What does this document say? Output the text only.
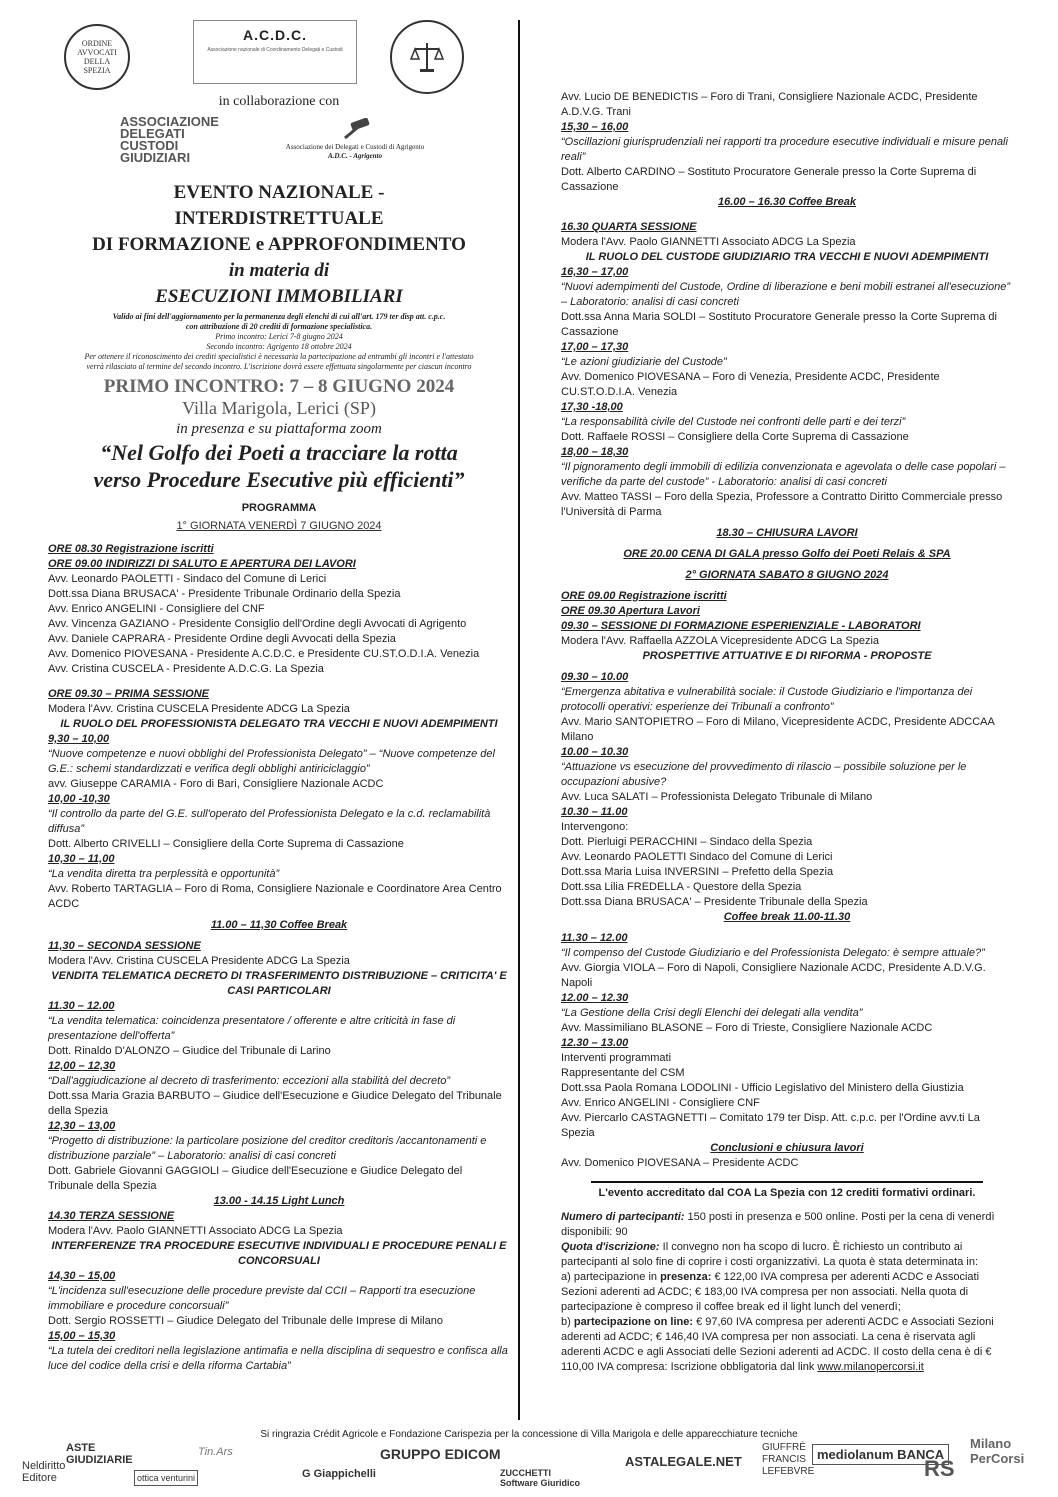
ORDINE AVVOCATI DELLA SPEZIA
A.C.D.C.
Associazione nazionale di Coordinamento Delegati e Custodi
in collaborazione con
ASSOCIAZIONE DELEGATI CUSTODI GIUDIZIARI
Associazione dei Delegati e Custodi di Agrigento
A.D.C. - Agrigento
EVENTO NAZIONALE -
INTERDISTRETTUALE
DI FORMAZIONE e APPROFONDIMENTO
in materia di
ESECUZIONI IMMOBILIARI
Valido ai fini dell'aggiornamento per la permanenza degli elenchi di cui all'art. 179 ter disp att. c.p.c.
con attribuzione di 20 crediti di formazione specialistica.
Primo incontro: Lerici 7-8 giugno 2024
Secondo incontro: Agrigento 18 ottobre 2024
Per ottenere il riconoscimento dei crediti specialistici è necessaria la partecipazione ad entrambi gli incontri e l'attestato
verrà rilasciato al termine del secondo incontro. L'iscrizione dovrà essere effettuata singolarmente per ciascun incontro
PRIMO INCONTRO: 7 – 8 GIUGNO 2024
Villa Marigola, Lerici (SP)
in presenza e su piattaforma zoom
“Nel Golfo dei Poeti a tracciare la rotta
verso Procedure Esecutive più efficienti”
PROGRAMMA
1° GIORNATA VENERDÌ 7 GIUGNO 2024

ORE 08.30 Registrazione iscritti

ORE 09.00 INDIRIZZI DI SALUTO E APERTURA DEI LAVORI

Avv. Leonardo PAOLETTI - Sindaco del Comune di Lerici

Dott.ssa Diana BRUSACA' - Presidente Tribunale Ordinario della Spezia

Avv. Enrico ANGELINI - Consigliere del CNF

Avv. Vincenza GAZIANO - Presidente Consiglio dell'Ordine degli Avvocati di Agrigento

Avv. Daniele CAPRARA - Presidente Ordine degli Avvocati della Spezia

Avv. Domenico PIOVESANA - Presidente A.C.D.C. e Presidente CU.ST.O.D.I.A. Venezia

Avv. Cristina CUSCELA - Presidente A.D.C.G. La Spezia

ORE 09.30 – PRIMA SESSIONE

Modera l'Avv. Cristina CUSCELA Presidente ADCG La Spezia

IL RUOLO DEL PROFESSIONISTA DELEGATO TRA VECCHI E NUOVI ADEMPIMENTI

9,30 – 10,00

“Nuove competenze e nuovi obblighi del Professionista Delegato” – “Nuove competenze del G.E.: schemi standardizzati e verifica degli obblighi antiriciclaggio”

avv. Giuseppe CARAMIA - Foro di Bari, Consigliere Nazionale ACDC

10,00 -10,30

“Il controllo da parte del G.E. sull'operato del Professionista Delegato e la c.d. reclamabilità diffusa”

Dott. Alberto CRIVELLI – Consigliere della Corte Suprema di Cassazione

10,30 – 11,00

“La vendita diretta tra perplessità e opportunità”

Avv. Roberto TARTAGLIA – Foro di Roma, Consigliere Nazionale e Coordinatore Area Centro ACDC

11.00 – 11,30 Coffee Break

11,30 – SECONDA SESSIONE

Modera l'Avv. Cristina CUSCELA Presidente ADCG La Spezia

VENDITA TELEMATICA DECRETO DI TRASFERIMENTO DISTRIBUZIONE – CRITICITA' E CASI PARTICOLARI

11.30 – 12.00

“La vendita telematica: coincidenza presentatore / offerente e altre criticità in fase di presentazione dell'offerta”

Dott. Rinaldo D'ALONZO – Giudice del Tribunale di Larino

12,00 – 12,30

“Dall'aggiudicazione al decreto di trasferimento: eccezioni alla stabilità del decreto”

Dott.ssa Maria Grazia BARBUTO – Giudice dell'Esecuzione e Giudice Delegato del Tribunale della Spezia

12,30 – 13,00

“Progetto di distribuzione: la particolare posizione del creditor creditoris /accantonamenti e distribuzione parziale” – Laboratorio: analisi di casi concreti

Dott. Gabriele Giovanni GAGGIOLI – Giudice dell'Esecuzione e Giudice Delegato del Tribunale della Spezia

13.00 - 14.15 Light Lunch

14.30 TERZA SESSIONE

Modera l'Avv. Paolo GIANNETTI Associato ADCG La Spezia

INTERFERENZE TRA PROCEDURE ESECUTIVE INDIVIDUALI E PROCEDURE PENALI E CONCORSUALI

14,30 – 15,00

“L'incidenza sull'esecuzione delle procedure previste dal CCII – Rapporti tra esecuzione immobiliare e procedure concorsuali”

Dott. Sergio ROSSETTI – Giudice Delegato del Tribunale delle Imprese di Milano

15,00 – 15,30

“La tutela dei creditori nella legislazione antimafia e nella disciplina di sequestro e confisca alla luce del codice della crisi e della riforma Cartabia”

Avv. Lucio DE BENEDICTIS – Foro di Trani, Consigliere Nazionale ACDC, Presidente A.D.V.G. Trani

15,30 – 16,00

“Oscillazioni giurisprudenziali nei rapporti tra procedure esecutive individuali e misure penali reali”

Dott. Alberto CARDINO – Sostituto Procuratore Generale presso la Corte Suprema di Cassazione

16.00 – 16.30 Coffee Break

16.30 QUARTA SESSIONE

Modera l'Avv. Paolo GIANNETTI Associato ADCG La Spezia

IL RUOLO DEL CUSTODE GIUDIZIARIO TRA VECCHI E NUOVI ADEMPIMENTI

16,30 – 17,00

“Nuovi adempimenti del Custode, Ordine di liberazione e beni mobili estranei all'esecuzione” – Laboratorio: analisi di casi concreti

Dott.ssa Anna Maria SOLDI – Sostituto Procuratore Generale presso la Corte Suprema di Cassazione

17,00 – 17,30

“Le azioni giudiziarie del Custode”

Avv. Domenico PIOVESANA – Foro di Venezia, Presidente ACDC, Presidente CU.ST.O.D.I.A. Venezia

17,30 -18,00

“La responsabilità civile del Custode nei confronti delle parti e dei terzi”

Dott. Raffaele ROSSI – Consigliere della Corte Suprema di Cassazione

18,00 – 18,30

“Il pignoramento degli immobili di edilizia convenzionata e agevolata o delle case popolari – verifiche da parte del custode” - Laboratorio: analisi di casi concreti

Avv. Matteo TASSI – Foro della Spezia, Professore a Contratto Diritto Commerciale presso l'Università di Parma

18.30 – CHIUSURA LAVORI

ORE 20.00 CENA DI GALA presso Golfo dei Poeti Relais & SPA

2° GIORNATA SABATO 8 GIUGNO 2024

ORE 09.00 Registrazione iscritti

ORE 09.30 Apertura Lavori

09.30 – SESSIONE DI FORMAZIONE ESPERIENZIALE - LABORATORI

Modera l'Avv. Raffaella AZZOLA Vicepresidente ADCG La Spezia

PROSPETTIVE ATTUATIVE E DI RIFORMA - PROPOSTE

09.30 – 10.00

“Emergenza abitativa e vulnerabilità sociale: il Custode Giudiziario e l'importanza dei protocolli operativi: esperienze dei Tribunali a confronto”

Avv. Mario SANTOPIETRO – Foro di Milano, Vicepresidente ACDC, Presidente ADCCAA Milano

10.00 – 10.30

“Attuazione vs esecuzione del provvedimento di rilascio – possibile soluzione per le occupazioni abusive?

Avv. Luca SALATI – Professionista Delegato Tribunale di Milano

10.30 – 11.00

Intervengono:

Dott. Pierluigi PERACCHINI – Sindaco della Spezia

Avv. Leonardo PAOLETTI Sindaco del Comune di Lerici

Dott.ssa Maria Luisa INVERSINI – Prefetto della Spezia

Dott.ssa Lilia FREDELLA - Questore della Spezia

Dott.ssa Diana BRUSACA' – Presidente Tribunale della Spezia

Coffee break 11.00-11.30

11.30 – 12.00

“Il compenso del Custode Giudiziario e del Professionista Delegato: è sempre attuale?”

Avv. Giorgia VIOLA – Foro di Napoli, Consigliere Nazionale ACDC, Presidente A.D.V.G. Napoli

12.00 – 12.30

“La Gestione della Crisi degli Elenchi dei delegati alla vendita”

Avv. Massimiliano BLASONE – Foro di Trieste, Consigliere Nazionale ACDC

12.30 – 13.00

Interventi programmati

Rappresentante del CSM

Dott.ssa Paola Romana LODOLINI - Ufficio Legislativo del Ministero della Giustizia

Avv. Enrico ANGELINI - Consigliere CNF

Avv. Piercarlo CASTAGNETTI – Comitato 179 ter Disp. Att. c.p.c. per l'Ordine avv.ti La Spezia

Conclusioni e chiusura lavori

Avv. Domenico PIOVESANA – Presidente ACDC

L'evento accreditato dal COA La Spezia con 12 crediti formativi ordinari.

Numero di partecipanti: 150 posti in presenza e 500 online. Posti per la cena di venerdì disponibili: 90

Quota d'iscrizione: Il convegno non ha scopo di lucro. È richiesto un contributo ai partecipanti al solo fine di coprire i costi organizzativi. La quota è stata determinata in:

a) partecipazione in presenza: € 122,00 IVA compresa per aderenti ACDC e Associati Sezioni aderenti ad ACDC; € 183,00 IVA compresa per non associati. Nella quota di partecipazione è compreso il coffee break ed il light lunch del venerdì;

b) partecipazione on line: € 97,60 IVA compresa per aderenti ACDC e Associati Sezioni aderenti ad ACDC; € 146,40 IVA compresa per non associati. La cena è riservata agli aderenti ACDC e agli Associati delle Sezioni aderenti ad ACDC. Il costo della cena è di € 110,00 IVA compresa: Iscrizione obbligatoria dal link www.milanopercorsi.it

Si ringrazia Crédit Agricole e Fondazione Carispezia per la concessione di Villa Marigola e delle apparecchiature tecniche
Neldiritto Editore
ASTE GIUDIZIARIE
Tin.Ars
ottica venturini	G Giappichelli
GRUPPO EDICOM
ZUCCHETTI Software Giuridico
ASTALEGALE.NET
GIUFFRÈ FRANCIS LEFEBVRE
mediolanum BANCA
RS
Milano PerCorsi
